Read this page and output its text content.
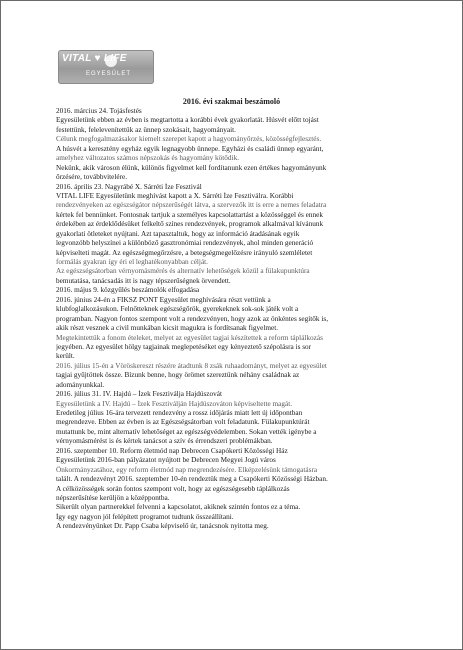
VITAL ♥ LIFE
EGYESÜLET
2016. évi szakmai beszámoló
2016. március 24. Tojásfestés
Egyesületünk ebben az évben is megtartotta a korábbi évek gyakorlatát. Húsvét előtt tojást
festettünk, felelevenítettük az ünnep szokásait, hagyományait.
Célunk megfogalmazásakor kiemelt szerepet kapott a hagyományőrzés, közösségfejlesztés.
A húsvét a keresztény egyház egyik legnagyobb ünnepe. Egyházi és családi ünnep egyaránt,
amelyhez változatos számos népszokás és hagyomány kötődik.
Nekünk, akik városon élünk, különös figyelmet kell fordítanunk ezen értékes hagyományunk
őrzésére, továbbvitelére.
2016. április 23. Nagyrábé X. Sárréti Íze Fesztivál
VITAL LIFE Egyesületünk meghívást kapott a X. Sárréti Íze Fesztiválra. Korábbi
rendezvényeken az egészségátor népszerűségét látva, a szervezők itt is erre a nemes feladatra
kértek fel bennünket. Fontosnak tartjuk a személyes kapcsolattartást a közösséggel és ennek
érdekében az érdeklődésüket felkeltő színes rendezvények, programok alkalmával kívánunk
gyakorlati ötleteket nyújtani. Azt tapasztaltuk, hogy az információ átadásának egyik
legvonzóbb helyszínei a különböző gasztronómiai rendezvények, ahol minden generáció
képviselteti magát. Az egészségmegőrzésre, a betegségmegelőzésre irányuló szemléletet
formálás gyakran így éri el leghatékonyabban célját.
Az egészségsátorban vérnyomásmérés és alternatív lehetőségek közül a fülakupunktúra
bemutatása, tanácsadás itt is nagy tépszerűségnek örvendett.
2016. május 9. közgyűlés beszámolók elfogadása
2016. június 24-én a FIKSZ PONT Egyesület meghívására részt vettünk a
klubfoglalkozásukon. Felnőtteknek egészségőrök, gyerekeknek sok-sok játék volt a
programban. Nagyon fontos szempont volt a rendezvényen, hogy azok az önkéntes segítők is,
akik részt vesznek a civil munkában kicsit magukra is fordítsanak figyelmet.
Megtekintettük a fonom ételeket, melyet az egyesület tagjai készítettek a reform táplálkozás
jegyében. Az egyesület hölgy tagjainak meglepetéséket egy kényeztető szépolásra is sor
került.
2016. július 15-én a Vöröskereszt részére átadtunk 8 zsák ruhaadományt, melyet az egyesület
tagjai gyűjtöttek össze. Bízunk benne, hogy örömet szereztünk néhány családnak az
adományunkkal.
2016. július 31. IV. Hajdú – Ízek Fesztiválja Hajdúszovát
Egyesületünk a IV. Hajdú – Ízek Fesztiválján Hajdúszováton képviseltette magát.
Eredetileg július 16-ára tervezett rendezvény a rossz időjárás miatt lett új időpontban
megrendezve. Ebben az évben is az Egészségsátorban volt feladatunk. Fülakupunktúrát
mutattunk be, mint alternatív lehetőséget az egészségvédelemben. Sokan vették igénybe a
vérnyomásmérést is és kértek tanácsot a szív és érrendszeri problémákban.
2016. szeptember 10. Reform életmód nap Debrecen Csapókerti Közösségi Ház
Egyesületünk 2016-ban pályázatot nyújtott be Debrecen Megyei Jogú város
Önkormányzatához, egy reform életmód nap megrendezésére. Elképzelésünk támogatásra
talált. A rendezvényt 2016. szeptember 10-én rendeztük meg a Csapókerti Közösségi Házban.
A célközösségek során fontos szempont volt, hogy az egészségesebb táplálkozás
népszerűsítése kerüljön a középpontba.
Sikerült olyan partnerekkel felvenni a kapcsolatot, akiknek szintén fontos ez a téma.
Így egy nagyon jól felépített programot tudtunk összeállítani.
A rendezvényünket Dr. Papp Csaba képviselő úr, tanácsnok nyitotta meg.
